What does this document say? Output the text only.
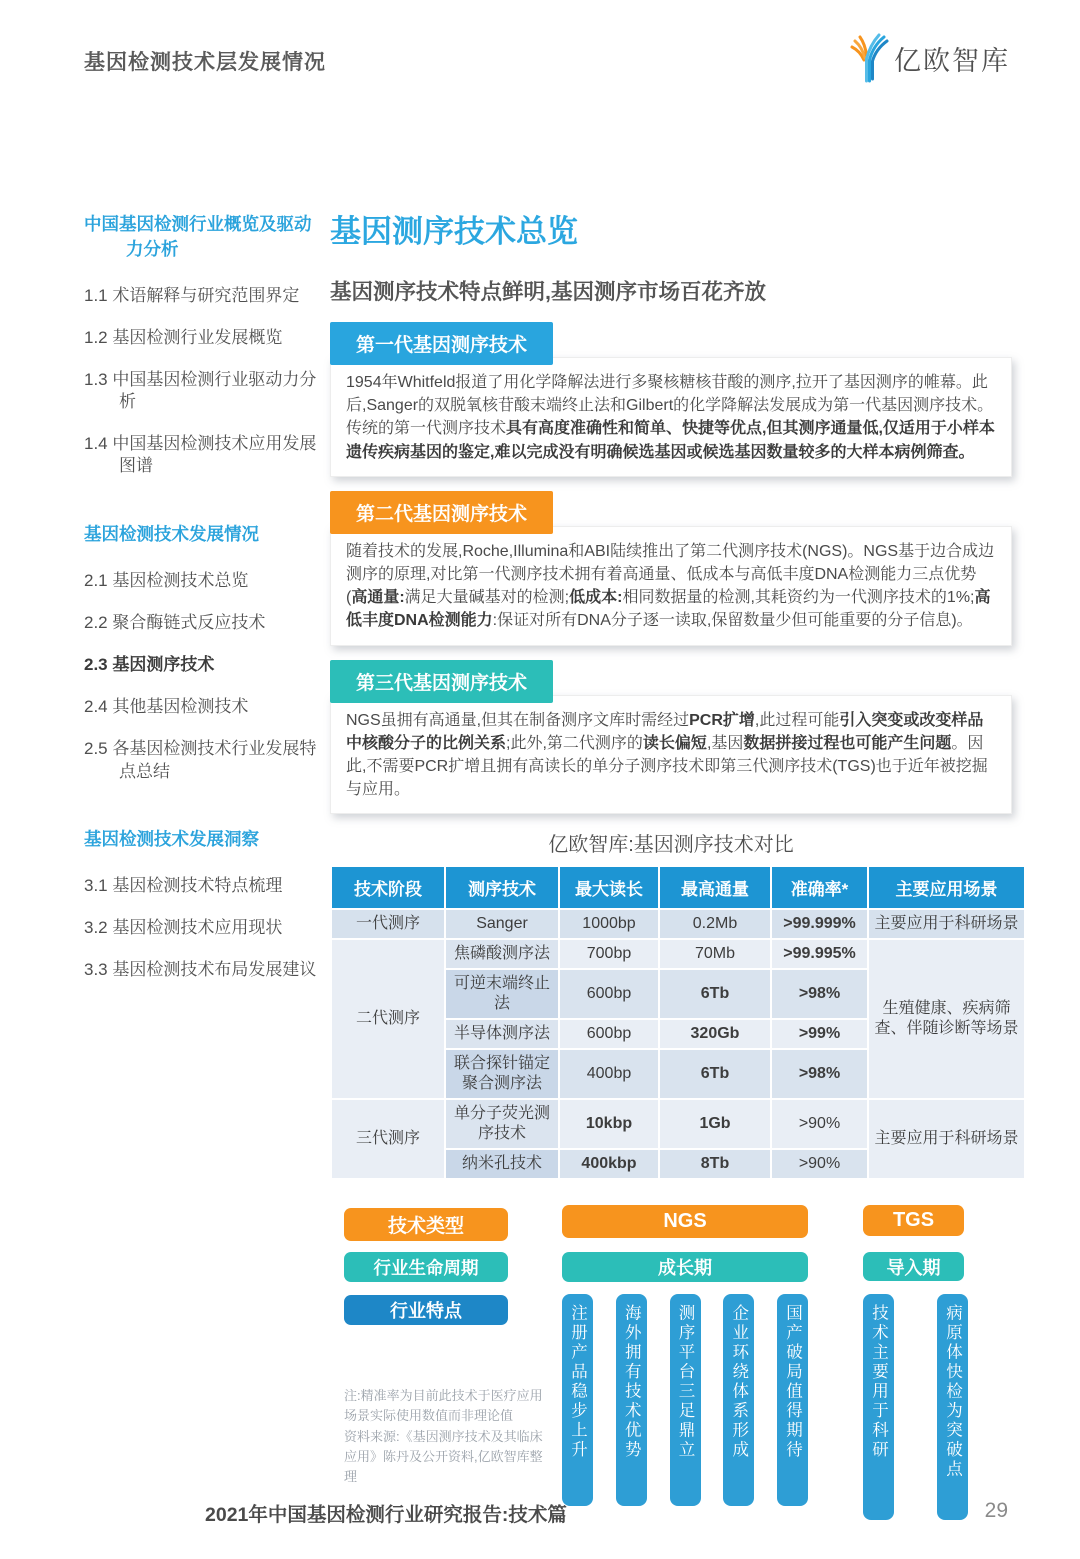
基因检测技术层发展情况	亿欧智库
中国基因检测行业概览及驱动力分析
1.1 术语解释与研究范围界定
1.2 基因检测行业发展概览
1.3 中国基因检测行业驱动力分析
1.4 中国基因检测技术应用发展图谱
基因检测技术发展情况
2.1 基因检测技术总览
2.2 聚合酶链式反应技术
2.3 基因测序技术
2.4 其他基因检测技术
2.5 各基因检测技术行业发展特点总结
基因检测技术发展洞察
3.1 基因检测技术特点梳理
3.2 基因检测技术应用现状
3.3 基因检测技术布局发展建议
基因测序技术总览
基因测序技术特点鲜明,基因测序市场百花齐放
第一代基因测序技术
1954年Whitfeld报道了用化学降解法进行多聚核糖核苷酸的测序,拉开了基因测序的帷幕。此后,Sanger的双脱氧核苷酸末端终止法和Gilbert的化学降解法发展成为第一代基因测序技术。传统的第一代测序技术具有高度准确性和简单、快捷等优点,但其测序通量低,仅适用于小样本遗传疾病基因的鉴定,难以完成没有明确候选基因或候选基因数量较多的大样本病例筛查。
第二代基因测序技术
随着技术的发展,Roche,Illumina和ABI陆续推出了第二代测序技术(NGS)。NGS基于边合成边测序的原理,对比第一代测序技术拥有着高通量、低成本与高低丰度DNA检测能力三点优势(高通量:满足大量碱基对的检测;低成本:相同数据量的检测,其耗资约为一代测序技术的1%;高低丰度DNA检测能力:保证对所有DNA分子逐一读取,保留数量少但可能重要的分子信息)。
第三代基因测序技术
NGS虽拥有高通量,但其在制备测序文库时需经过PCR扩增,此过程可能引入突变或改变样品中核酸分子的比例关系;此外,第二代测序的读长偏短,基因数据拼接过程也可能产生问题。因此,不需要PCR扩增且拥有高读长的单分子测序技术即第三代测序技术(TGS)也于近年被挖掘与应用。
亿欧智库:基因测序技术对比
技术阶段	测序技术	最大读长	最高通量	准确率*	主要应用场景
一代测序	Sanger	1000bp	0.2Mb	>99.999%	主要应用于科研场景
二代测序	焦磷酸测序法	700bp	70Mb	>99.995%	生殖健康、疾病筛查、伴随诊断等场景
	可逆末端终止法	600bp	6Tb	>98%	
	半导体测序法	600bp	320Gb	>99%	
	联合探针锚定聚合测序法	400bp	6Tb	>98%	
三代测序	单分子荧光测序技术	10kbp	1Gb	>90%	主要应用于科研场景
	纳米孔技术	400kbp	8Tb	>90%	
技术类型
行业生命周期
行业特点
NGS
成长期
注册产品稳步上升	海外拥有技术优势	测序平台三足鼎立	企业环绕体系形成	国产破局值得期待
TGS
导入期
技术主要用于科研	病原体快检为突破点

注:精准率为目前此技术于医疗应用场景实际使用数值而非理论值

资料来源:《基因测序技术及其临床应用》陈丹及公开资料,亿欧智库整理

2021年中国基因检测行业研究报告:技术篇	29
